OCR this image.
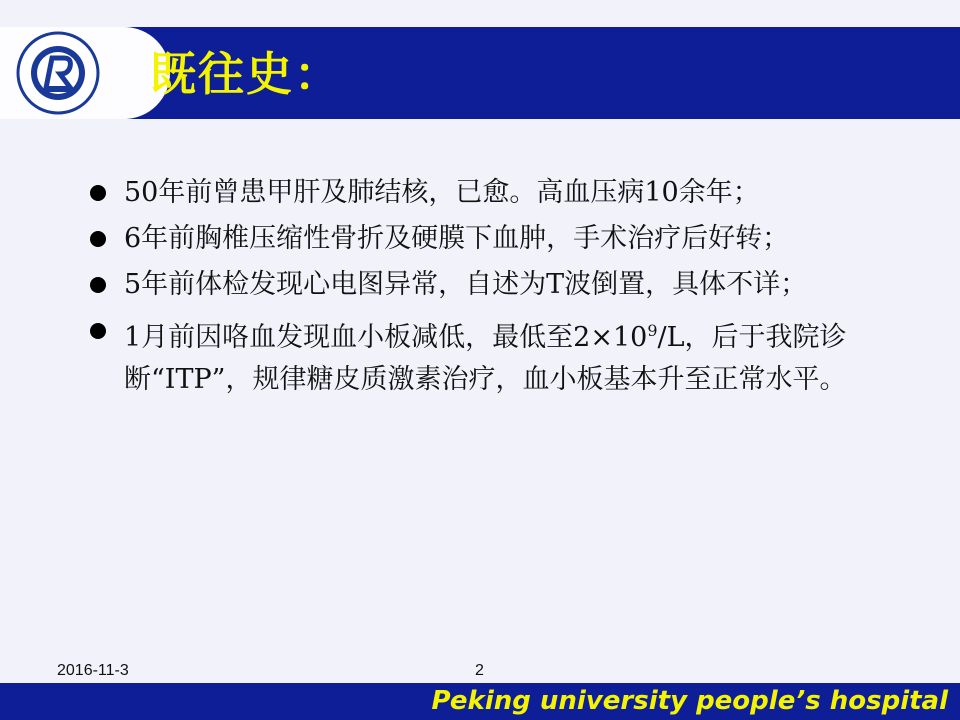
既往史：
50年前曾患甲肝及肺结核，已愈。高血压病10余年；
6年前胸椎压缩性骨折及硬膜下血肿，手术治疗后好转；
5年前体检发现心电图异常，自述为T波倒置，具体不详；
1月前因咯血发现血小板减低，最低至$2\times 10^9/L$，后于我院诊断“ITP”，规律糖皮质激素治疗，血小板基本升至正常水平。
2016-11-3	2
Peking university people’s hospital
